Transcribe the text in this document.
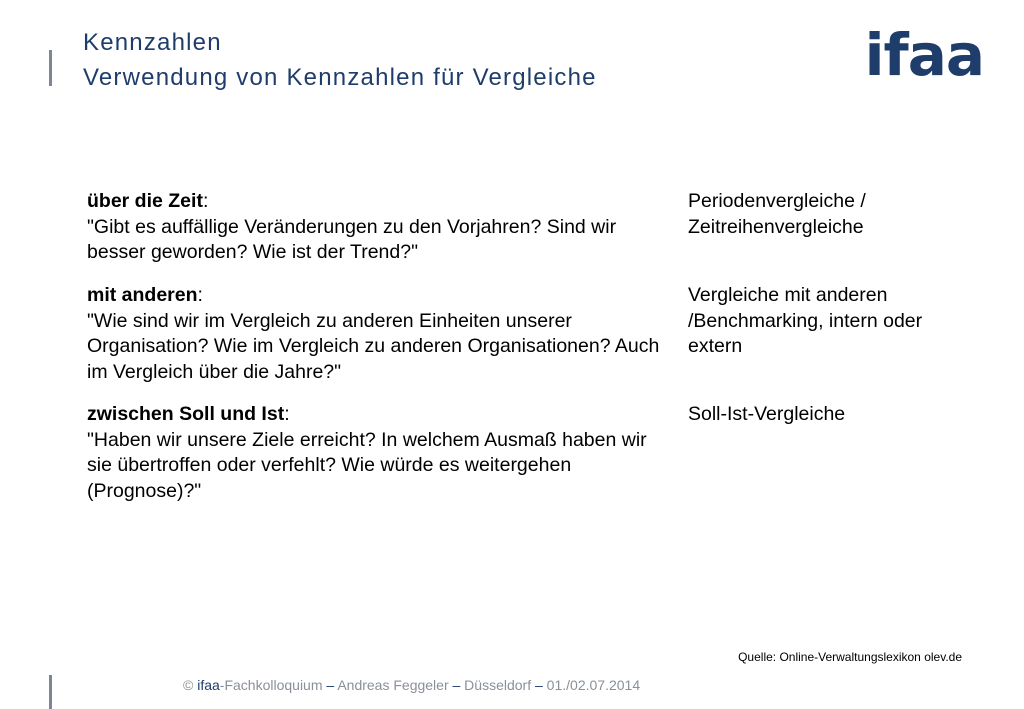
Kennzahlen
Verwendung von Kennzahlen für Vergleiche	ifaa
über die Zeit:
"Gibt es auffällige Veränderungen zu den Vorjahren? Sind wir besser geworden? Wie ist der Trend?"
Periodenvergleiche / Zeitreihenvergleiche
mit anderen:
"Wie sind wir im Vergleich zu anderen Einheiten unserer Organisation? Wie im Vergleich zu anderen Organisationen? Auch im Vergleich über die Jahre?"
Vergleiche mit anderen /Benchmarking, intern oder extern
zwischen Soll und Ist:
"Haben wir unsere Ziele erreicht? In welchem Ausmaß haben wir sie übertroffen oder verfehlt? Wie würde es weitergehen (Prognose)?"
Soll-Ist-Vergleiche
Quelle: Online-Verwaltungslexikon olev.de
© ifaa-Fachkolloquium – Andreas Feggeler – Düsseldorf – 01./02.07.2014
